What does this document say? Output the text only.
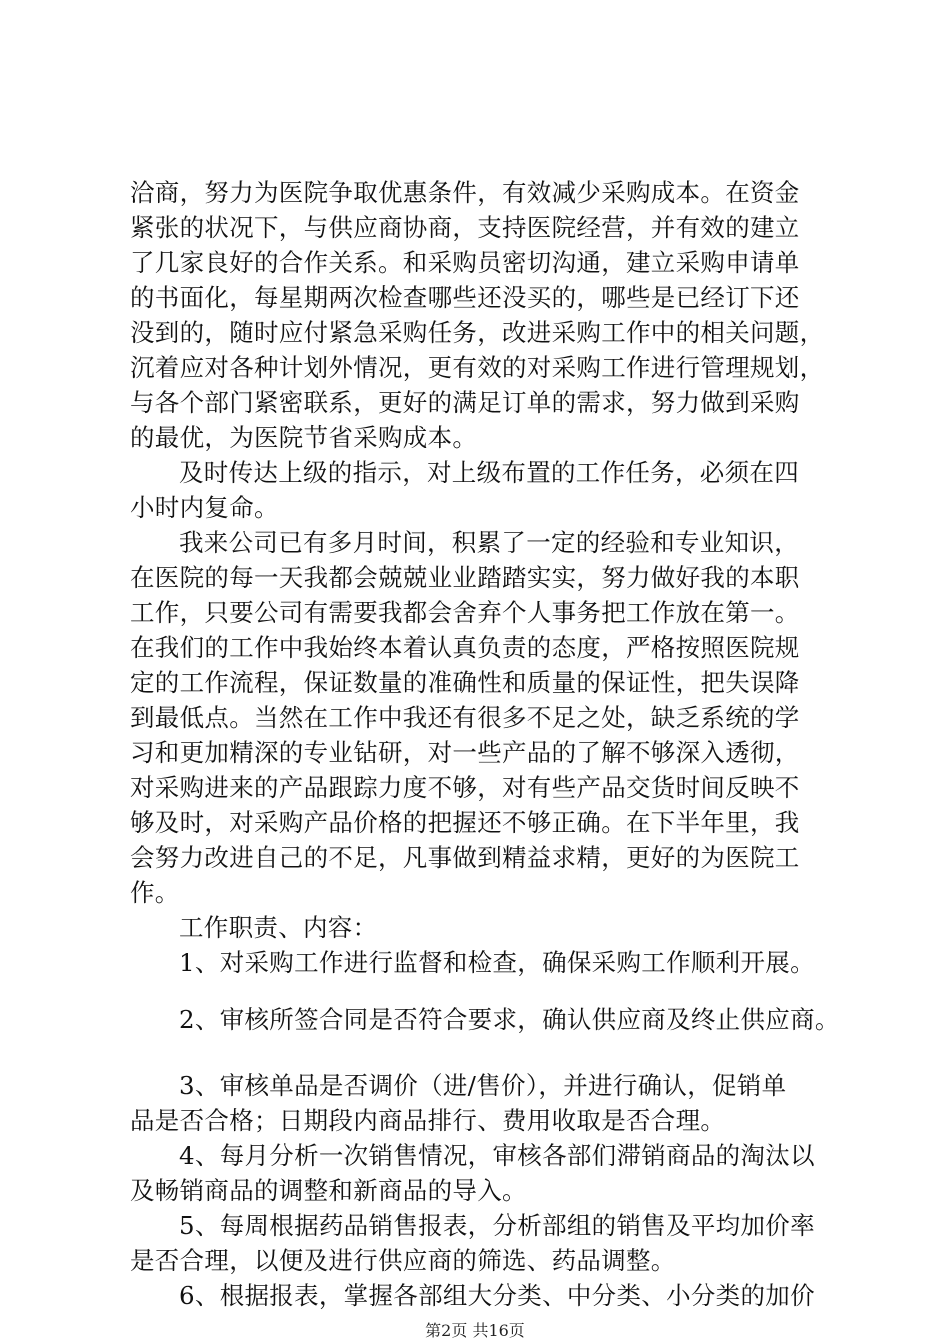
洽商，努力为医院争取优惠条件，有效减少采购成本。在资金
紧张的状况下，与供应商协商，支持医院经营，并有效的建立
了几家良好的合作关系。和采购员密切沟通，建立采购申请单
的书面化，每星期两次检查哪些还没买的，哪些是已经订下还
没到的，随时应付紧急采购任务，改进采购工作中的相关问题，
沉着应对各种计划外情况，更有效的对采购工作进行管理规划，
与各个部门紧密联系，更好的满足订单的需求，努力做到采购
的最优，为医院节省采购成本。
及时传达上级的指示，对上级布置的工作任务，必须在四
小时内复命。
我来公司已有多月时间，积累了一定的经验和专业知识，
在医院的每一天我都会兢兢业业踏踏实实，努力做好我的本职
工作，只要公司有需要我都会舍弃个人事务把工作放在第一。
在我们的工作中我始终本着认真负责的态度，严格按照医院规
定的工作流程，保证数量的准确性和质量的保证性，把失误降
到最低点。当然在工作中我还有很多不足之处，缺乏系统的学
习和更加精深的专业钻研，对一些产品的了解不够深入透彻，
对采购进来的产品跟踪力度不够，对有些产品交货时间反映不
够及时，对采购产品价格的把握还不够正确。在下半年里，我
会努力改进自己的不足，凡事做到精益求精，更好的为医院工
作。
工作职责、内容：
1、对采购工作进行监督和检查，确保采购工作顺利开展。
2、审核所签合同是否符合要求，确认供应商及终止供应商。
3、审核单品是否调价（进/售价），并进行确认，促销单
品是否合格；日期段内商品排行、费用收取是否合理。
4、每月分析一次销售情况，审核各部们滞销商品的淘汰以
及畅销商品的调整和新商品的导入。
5、每周根据药品销售报表，分析部组的销售及平均加价率
是否合理，以便及进行供应商的筛选、药品调整。
6、根据报表，掌握各部组大分类、中分类、小分类的加价
第2页 共16页
